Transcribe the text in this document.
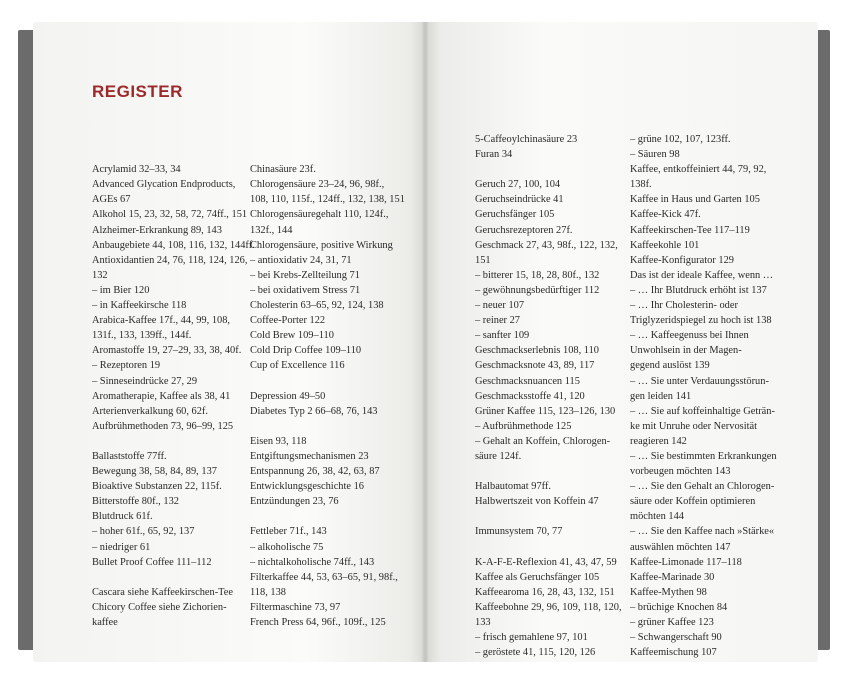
REGISTER
Acrylamid 32–33, 34
Advanced Glycation Endproducts,
AGEs 67
Alkohol 15, 23, 32, 58, 72, 74ff., 151
Alzheimer-Erkrankung 89, 143
Anbaugebiete 44, 108, 116, 132, 144ff.
Antioxidantien 24, 76, 118, 124, 126,
132
– im Bier 120
– in Kaffeekirsche 118
Arabica-Kaffee 17f., 44, 99, 108,
131f., 133, 139ff., 144f.
Aromastoffe 19, 27–29, 33, 38, 40f.
– Rezeptoren 19
– Sinneseindrücke 27, 29
Aromatherapie, Kaffee als 38, 41
Arterienverkalkung 60, 62f.
Aufbrühmethoden 73, 96–99, 125
Ballaststoffe 77ff.
Bewegung 38, 58, 84, 89, 137
Bioaktive Substanzen 22, 115f.
Bitterstoffe 80f., 132
Blutdruck 61f.
– hoher 61f., 65, 92, 137
– niedriger 61
Bullet Proof Coffee 111–112
Cascara siehe Kaffeekirschen-Tee
Chicory Coffee siehe Zichorien-
kaffee
Chinasäure 23f.
Chlorogensäure 23–24, 96, 98f.,
108, 110, 115f., 124ff., 132, 138, 151
Chlorogensäuregehalt 110, 124f.,
132f., 144
Chlorogensäure, positive Wirkung
– antioxidativ 24, 31, 71
– bei Krebs-Zellteilung 71
– bei oxidativem Stress 71
Cholesterin 63–65, 92, 124, 138
Coffee-Porter 122
Cold Brew 109–110
Cold Drip Coffee 109–110
Cup of Excellence 116
Depression 49–50
Diabetes Typ 2 66–68, 76, 143
Eisen 93, 118
Entgiftungsmechanismen 23
Entspannung 26, 38, 42, 63, 87
Entwicklungsgeschichte 16
Entzündungen 23, 76
Fettleber 71f., 143
– alkoholische 75
– nichtalkoholische 74ff., 143
Filterkaffee 44, 53, 63–65, 91, 98f.,
118, 138
Filtermaschine 73, 97
French Press 64, 96f., 109f., 125
5-Caffeoylchinasäure 23
Furan 34
Geruch 27, 100, 104
Geruchseindrücke 41
Geruchsfänger 105
Geruchsrezeptoren 27f.
Geschmack 27, 43, 98f., 122, 132,
151
– bitterer 15, 18, 28, 80f., 132
– gewöhnungsbedürftiger 112
– neuer 107
– reiner 27
– sanfter 109
Geschmackserlebnis 108, 110
Geschmacksnote 43, 89, 117
Geschmacksnuancen 115
Geschmacksstoffe 41, 120
Grüner Kaffee 115, 123–126, 130
– Aufbrühmethode 125
– Gehalt an Koffein, Chlorogen-
säure 124f.
Halbautomat 97ff.
Halbwertszeit von Koffein 47
Immunsystem 70, 77
K-A-F-E-Reflexion 41, 43, 47, 59
Kaffee als Geruchsfänger 105
Kaffeearoma 16, 28, 43, 132, 151
Kaffeebohne 29, 96, 109, 118, 120,
133
– frisch gemahlene 97, 101
– geröstete 41, 115, 120, 126
– grüne 102, 107, 123ff.
– Säuren 98
Kaffee, entkoffeiniert 44, 79, 92,
138f.
Kaffee in Haus und Garten 105
Kaffee-Kick 47f.
Kaffeekirschen-Tee 117–119
Kaffeekohle 101
Kaffee-Konfigurator 129
Das ist der ideale Kaffee, wenn …
– … Ihr Blutdruck erhöht ist 137
– … Ihr Cholesterin- oder
Triglyzeridspiegel zu hoch ist 138
– … Kaffeegenuss bei Ihnen
Unwohlsein in der Magen-
gegend auslöst 139
– … Sie unter Verdauungsstörun-
gen leiden 141
– … Sie auf koffeinhaltige Geträn-
ke mit Unruhe oder Nervosität
reagieren 142
– … Sie bestimmten Erkrankungen
vorbeugen möchten 143
– … Sie den Gehalt an Chlorogen-
säure oder Koffein optimieren
möchten 144
– … Sie den Kaffee nach »Stärke«
auswählen möchten 147
Kaffee-Limonade 117–118
Kaffee-Marinade 30
Kaffee-Mythen 98
– brüchige Knochen 84
– grüner Kaffee 123
– Schwangerschaft 90
Kaffeemischung 107
